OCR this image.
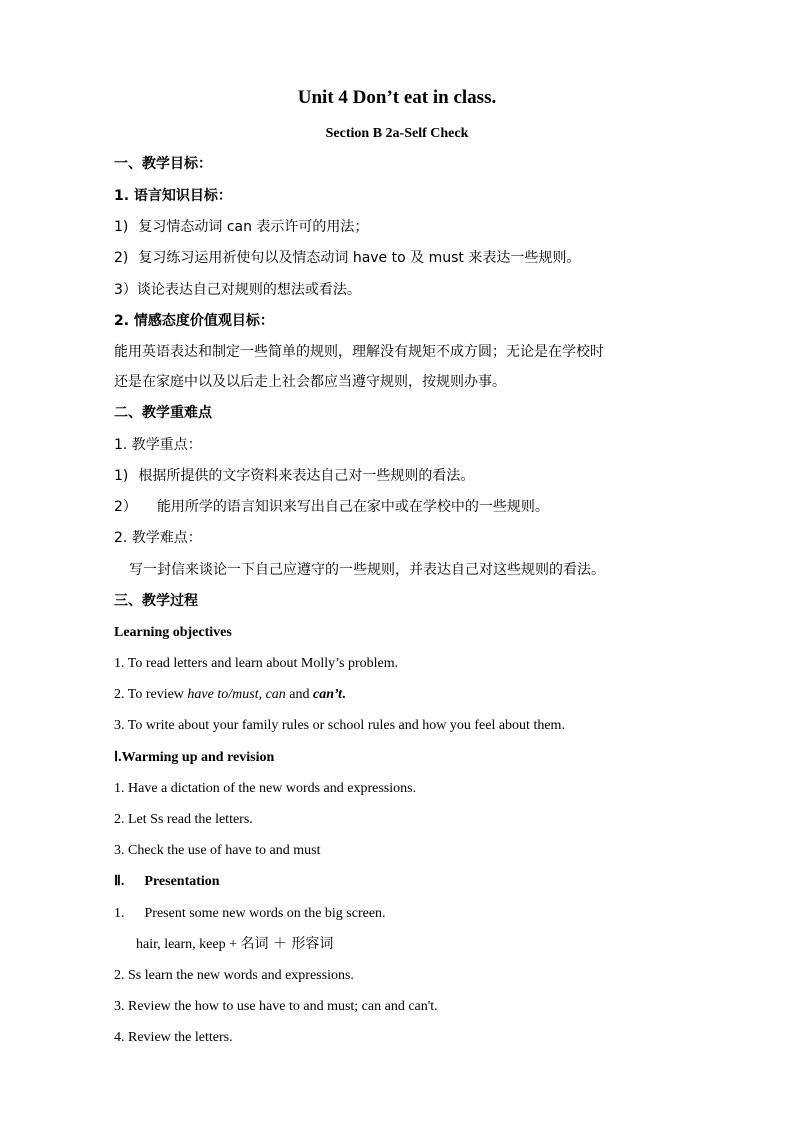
Unit 4 Don’t eat in class.
Section B 2a-Self Check
一、教学目标：
1. 语言知识目标：
1) 复习情态动词 can 表示许可的用法；
2) 复习练习运用祈使句以及情态动词 have to 及 must 来表达一些规则。
3）谈论表达自己对规则的想法或看法。
2. 情感态度价值观目标：
能用英语表达和制定一些简单的规则，理解没有规矩不成方圆；无论是在学校时
还是在家庭中以及以后走上社会都应当遵守规则，按规则办事。
二、教学重难点
1. 教学重点：
1) 根据所提供的文字资料来表达自己对一些规则的看法。
2） 能用所学的语言知识来写出自己在家中或在学校中的一些规则。
2. 教学难点：
写一封信来谈论一下自己应遵守的一些规则，并表达自己对这些规则的看法。
三、教学过程
Learning objectives
1. To read letters and learn about Molly’s problem.
2. To review have to/must, can and can’t.
3. To write about your family rules or school rules and how you feel about them.
Ⅰ.Warming up and revision
1. Have a dictation of the new words and expressions.
2. Let Ss read the letters.
3. Check the use of have to and must
Ⅱ. Presentation
1. Present some new words on the big screen.
hair, learn, keep + 名词 ＋ 形容词
2. Ss learn the new words and expressions.
3. Review the how to use have to and must; can and can't.
4. Review the letters.
